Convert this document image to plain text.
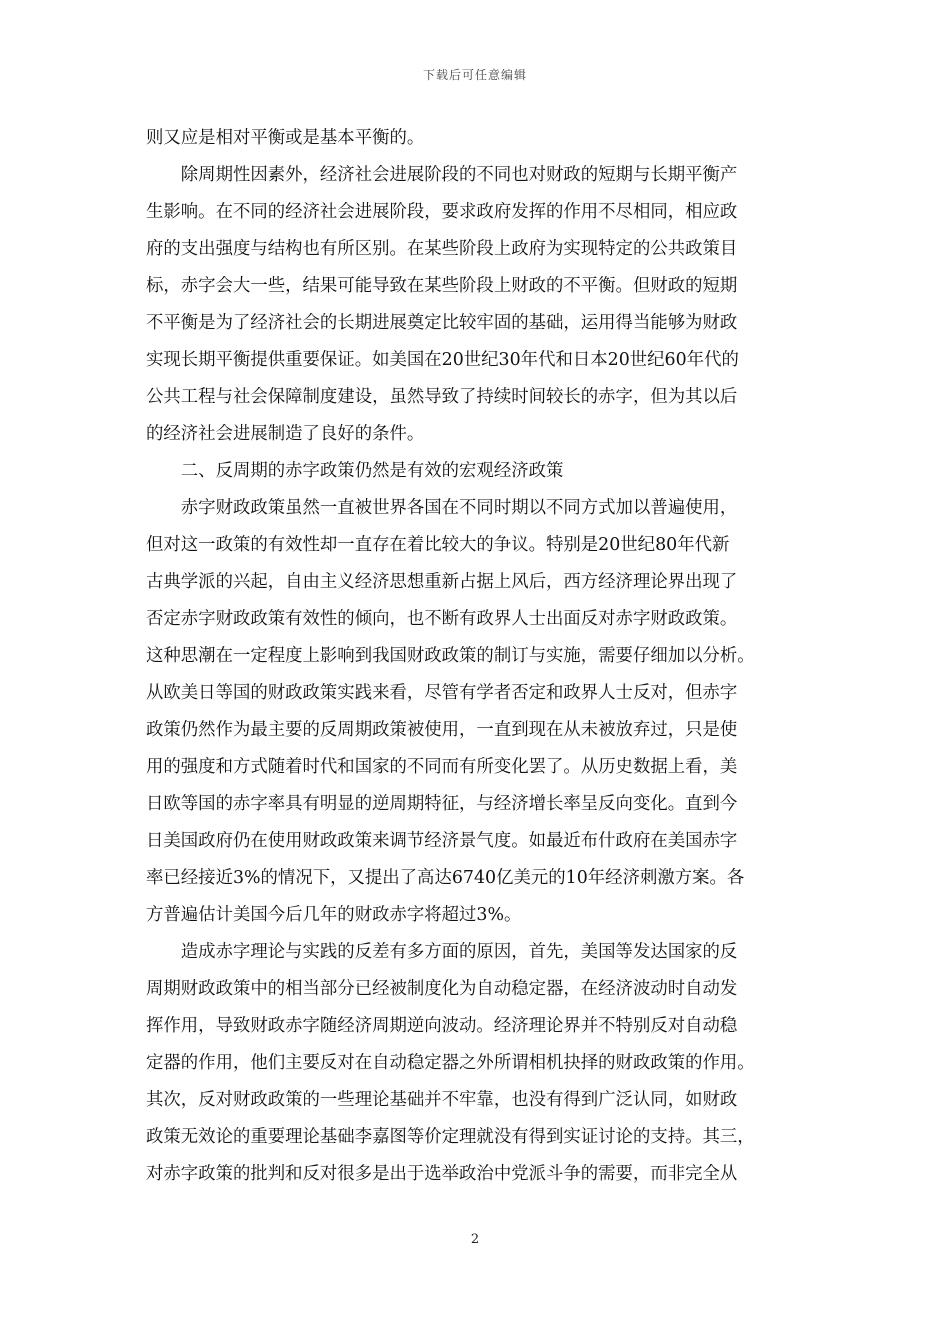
下载后可任意编辑
则又应是相对平衡或是基本平衡的。
　　除周期性因素外，经济社会进展阶段的不同也对财政的短期与长期平衡产
生影响。在不同的经济社会进展阶段，要求政府发挥的作用不尽相同，相应政
府的支出强度与结构也有所区别。在某些阶段上政府为实现特定的公共政策目
标，赤字会大一些，结果可能导致在某些阶段上财政的不平衡。但财政的短期
不平衡是为了经济社会的长期进展奠定比较牢固的基础，运用得当能够为财政
实现长期平衡提供重要保证。如美国在20世纪30年代和日本20世纪60年代的
公共工程与社会保障制度建设，虽然导致了持续时间较长的赤字，但为其以后
的经济社会进展制造了良好的条件。
　　二、反周期的赤字政策仍然是有效的宏观经济政策
　　赤字财政政策虽然一直被世界各国在不同时期以不同方式加以普遍使用，
但对这一政策的有效性却一直存在着比较大的争议。特别是20世纪80年代新
古典学派的兴起，自由主义经济思想重新占据上风后，西方经济理论界出现了
否定赤字财政政策有效性的倾向，也不断有政界人士出面反对赤字财政政策。
这种思潮在一定程度上影响到我国财政政策的制订与实施，需要仔细加以分析。
从欧美日等国的财政政策实践来看，尽管有学者否定和政界人士反对，但赤字
政策仍然作为最主要的反周期政策被使用，一直到现在从未被放弃过，只是使
用的强度和方式随着时代和国家的不同而有所变化罢了。从历史数据上看，美
日欧等国的赤字率具有明显的逆周期特征，与经济增长率呈反向变化。直到今
日美国政府仍在使用财政政策来调节经济景气度。如最近布什政府在美国赤字
率已经接近3%的情况下，又提出了高达6740亿美元的10年经济刺激方案。各
方普遍估计美国今后几年的财政赤字将超过3%。
　　造成赤字理论与实践的反差有多方面的原因，首先，美国等发达国家的反
周期财政政策中的相当部分已经被制度化为自动稳定器，在经济波动时自动发
挥作用，导致财政赤字随经济周期逆向波动。经济理论界并不特别反对自动稳
定器的作用，他们主要反对在自动稳定器之外所谓相机抉择的财政政策的作用。
其次，反对财政政策的一些理论基础并不牢靠，也没有得到广泛认同，如财政
政策无效论的重要理论基础李嘉图等价定理就没有得到实证讨论的支持。其三，
对赤字政策的批判和反对很多是出于选举政治中党派斗争的需要，而非完全从
2
